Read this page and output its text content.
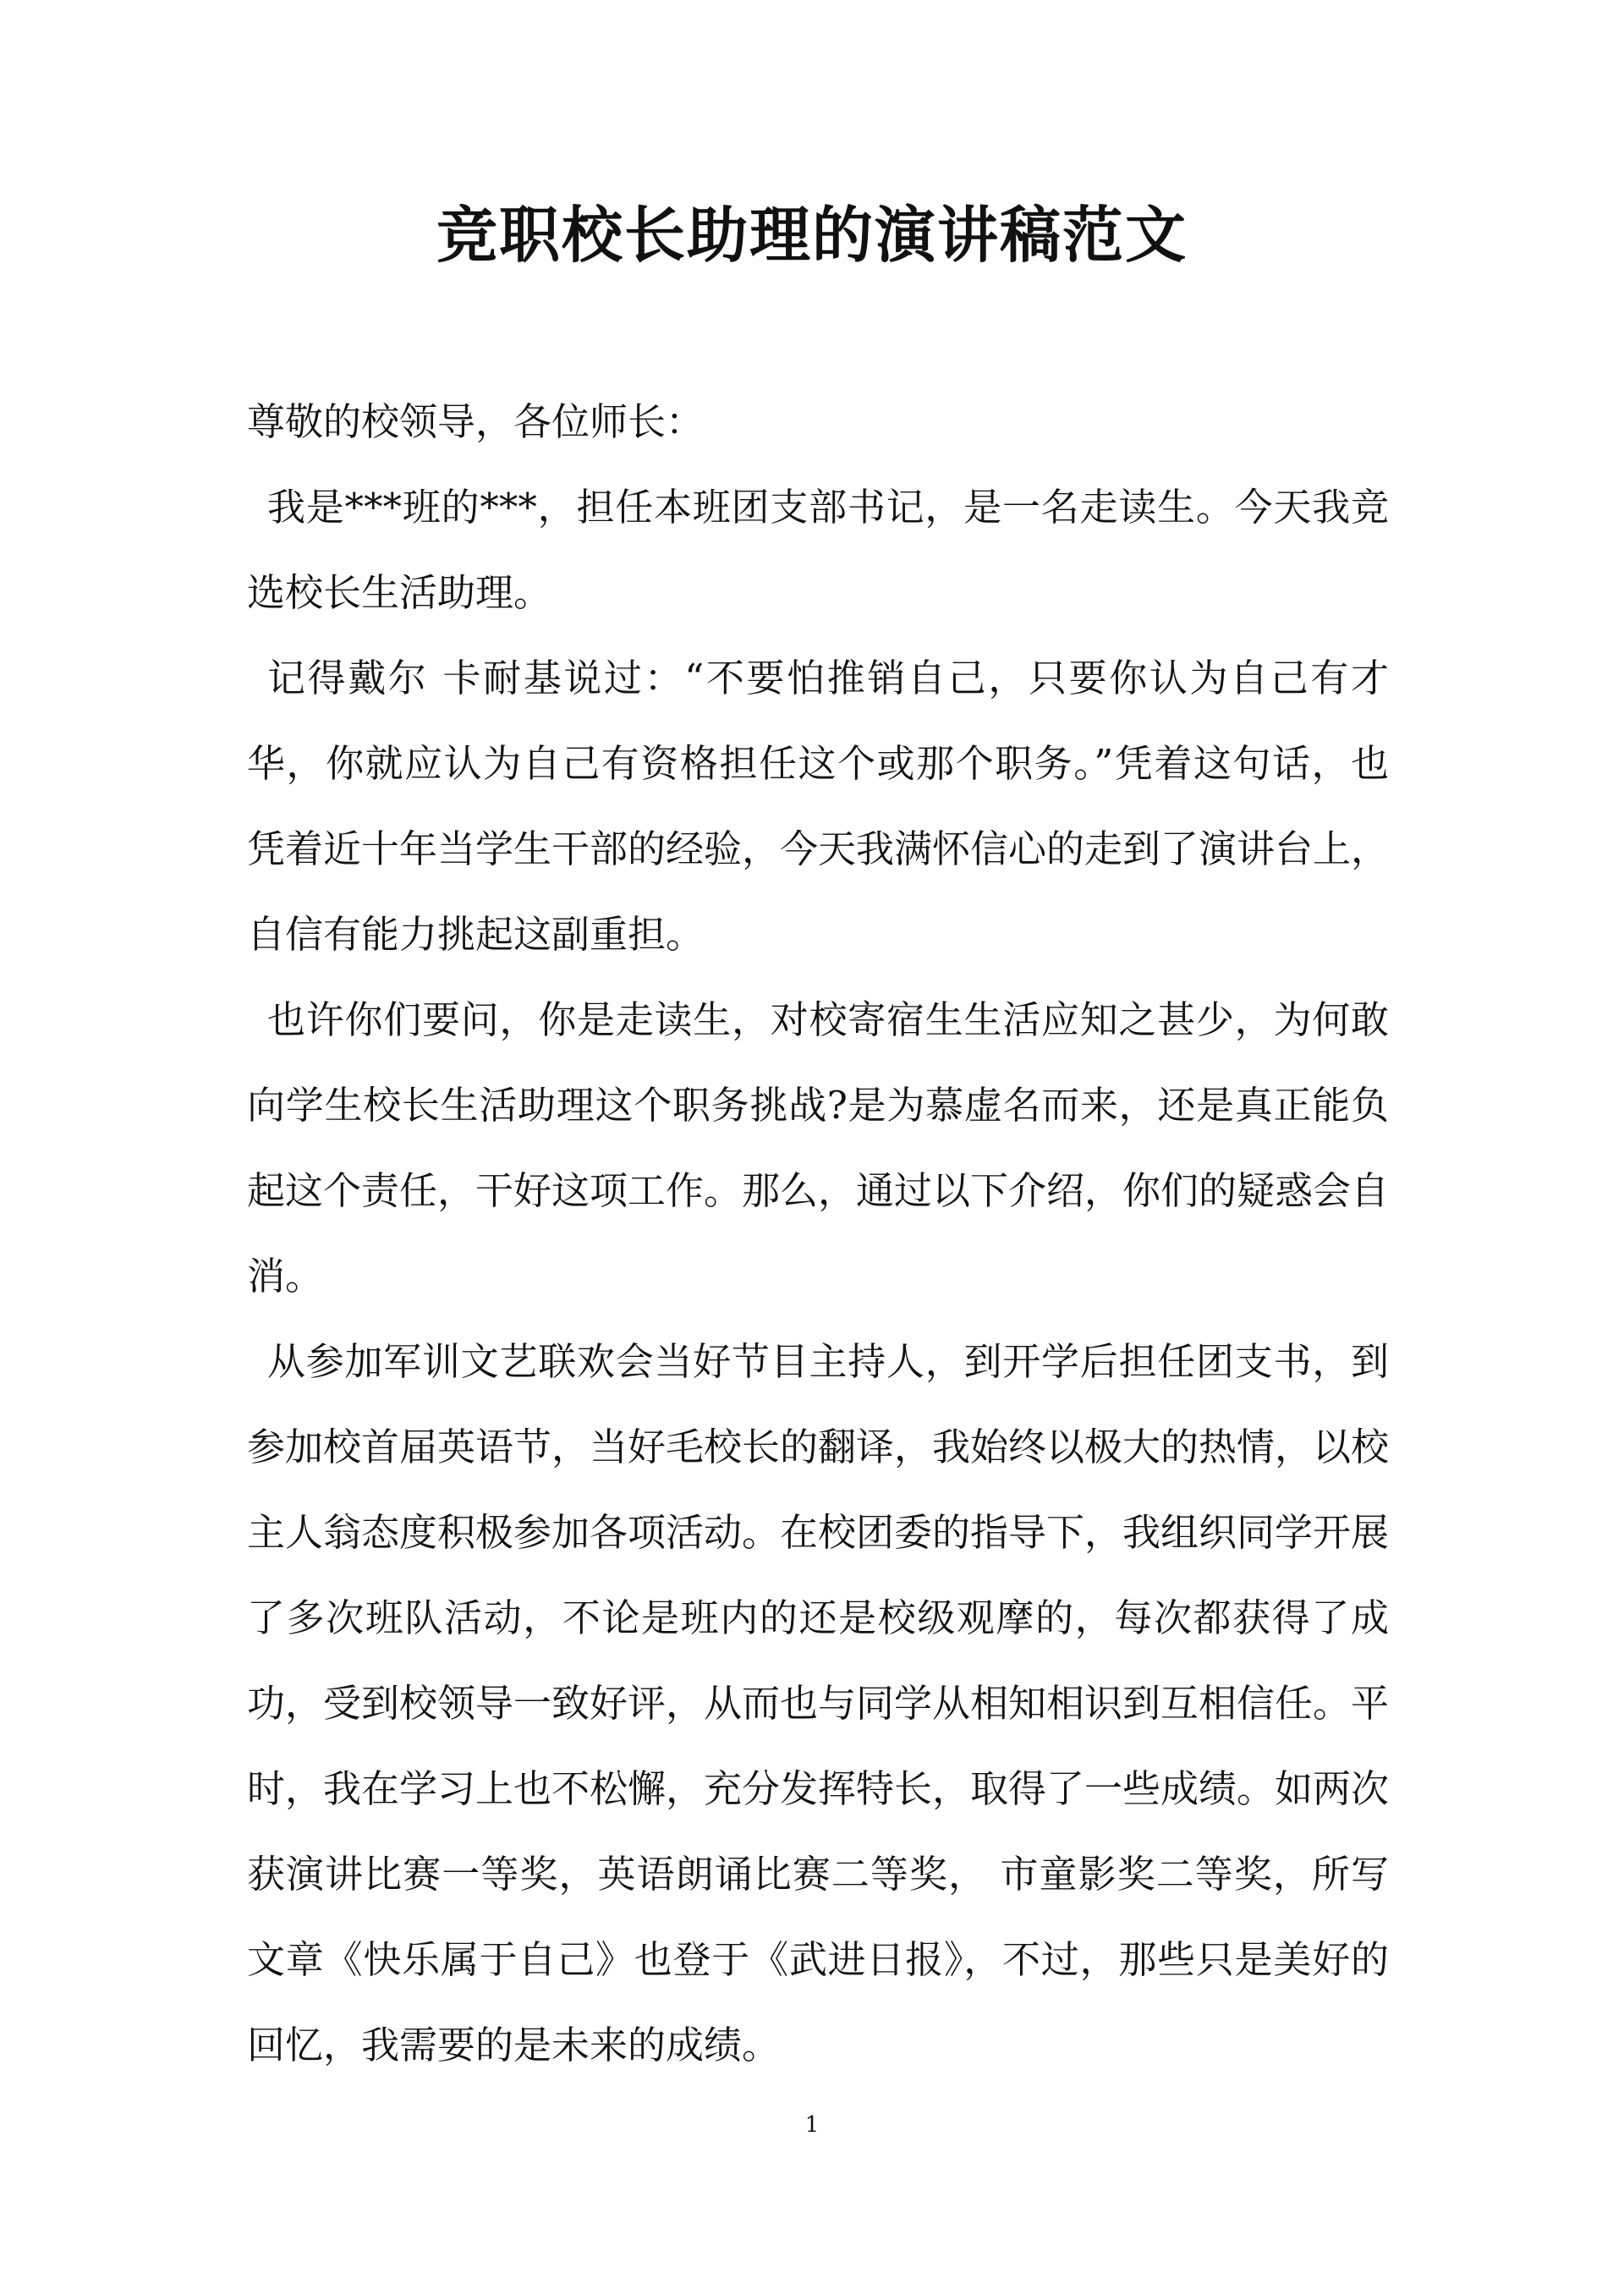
竞职校长助理的演讲稿范文

尊敬的校领导，各位师长：

我是***班的***，担任本班团支部书记，是一名走读生。今天我竞选校长生活助理。

记得戴尔 卡耐基说过：“不要怕推销自己，只要你认为自己有才华，你就应认为自己有资格担任这个或那个职务。”凭着这句话，也凭着近十年当学生干部的经验，今天我满怀信心的走到了演讲台上，自信有能力挑起这副重担。

也许你们要问，你是走读生，对校寄宿生生活应知之甚少，为何敢向学生校长生活助理这个职务挑战?是为慕虚名而来，还是真正能负起这个责任，干好这项工作。那么，通过以下介绍，你们的疑惑会自消。

从参加军训文艺联欢会当好节目主持人，到开学后担任团支书，到参加校首届英语节，当好毛校长的翻译，我始终以极大的热情，以校主人翁态度积极参加各项活动。在校团委的指导下，我组织同学开展了多次班队活动，不论是班内的还是校级观摩的，每次都获得了成功，受到校领导一致好评，从而也与同学从相知相识到互相信任。平时，我在学习上也不松懈，充分发挥特长，取得了一些成绩。如两次获演讲比赛一等奖，英语朗诵比赛二等奖， 市童影奖二等奖，所写文章《快乐属于自己》也登于《武进日报》，不过，那些只是美好的回忆，我需要的是未来的成绩。

1
